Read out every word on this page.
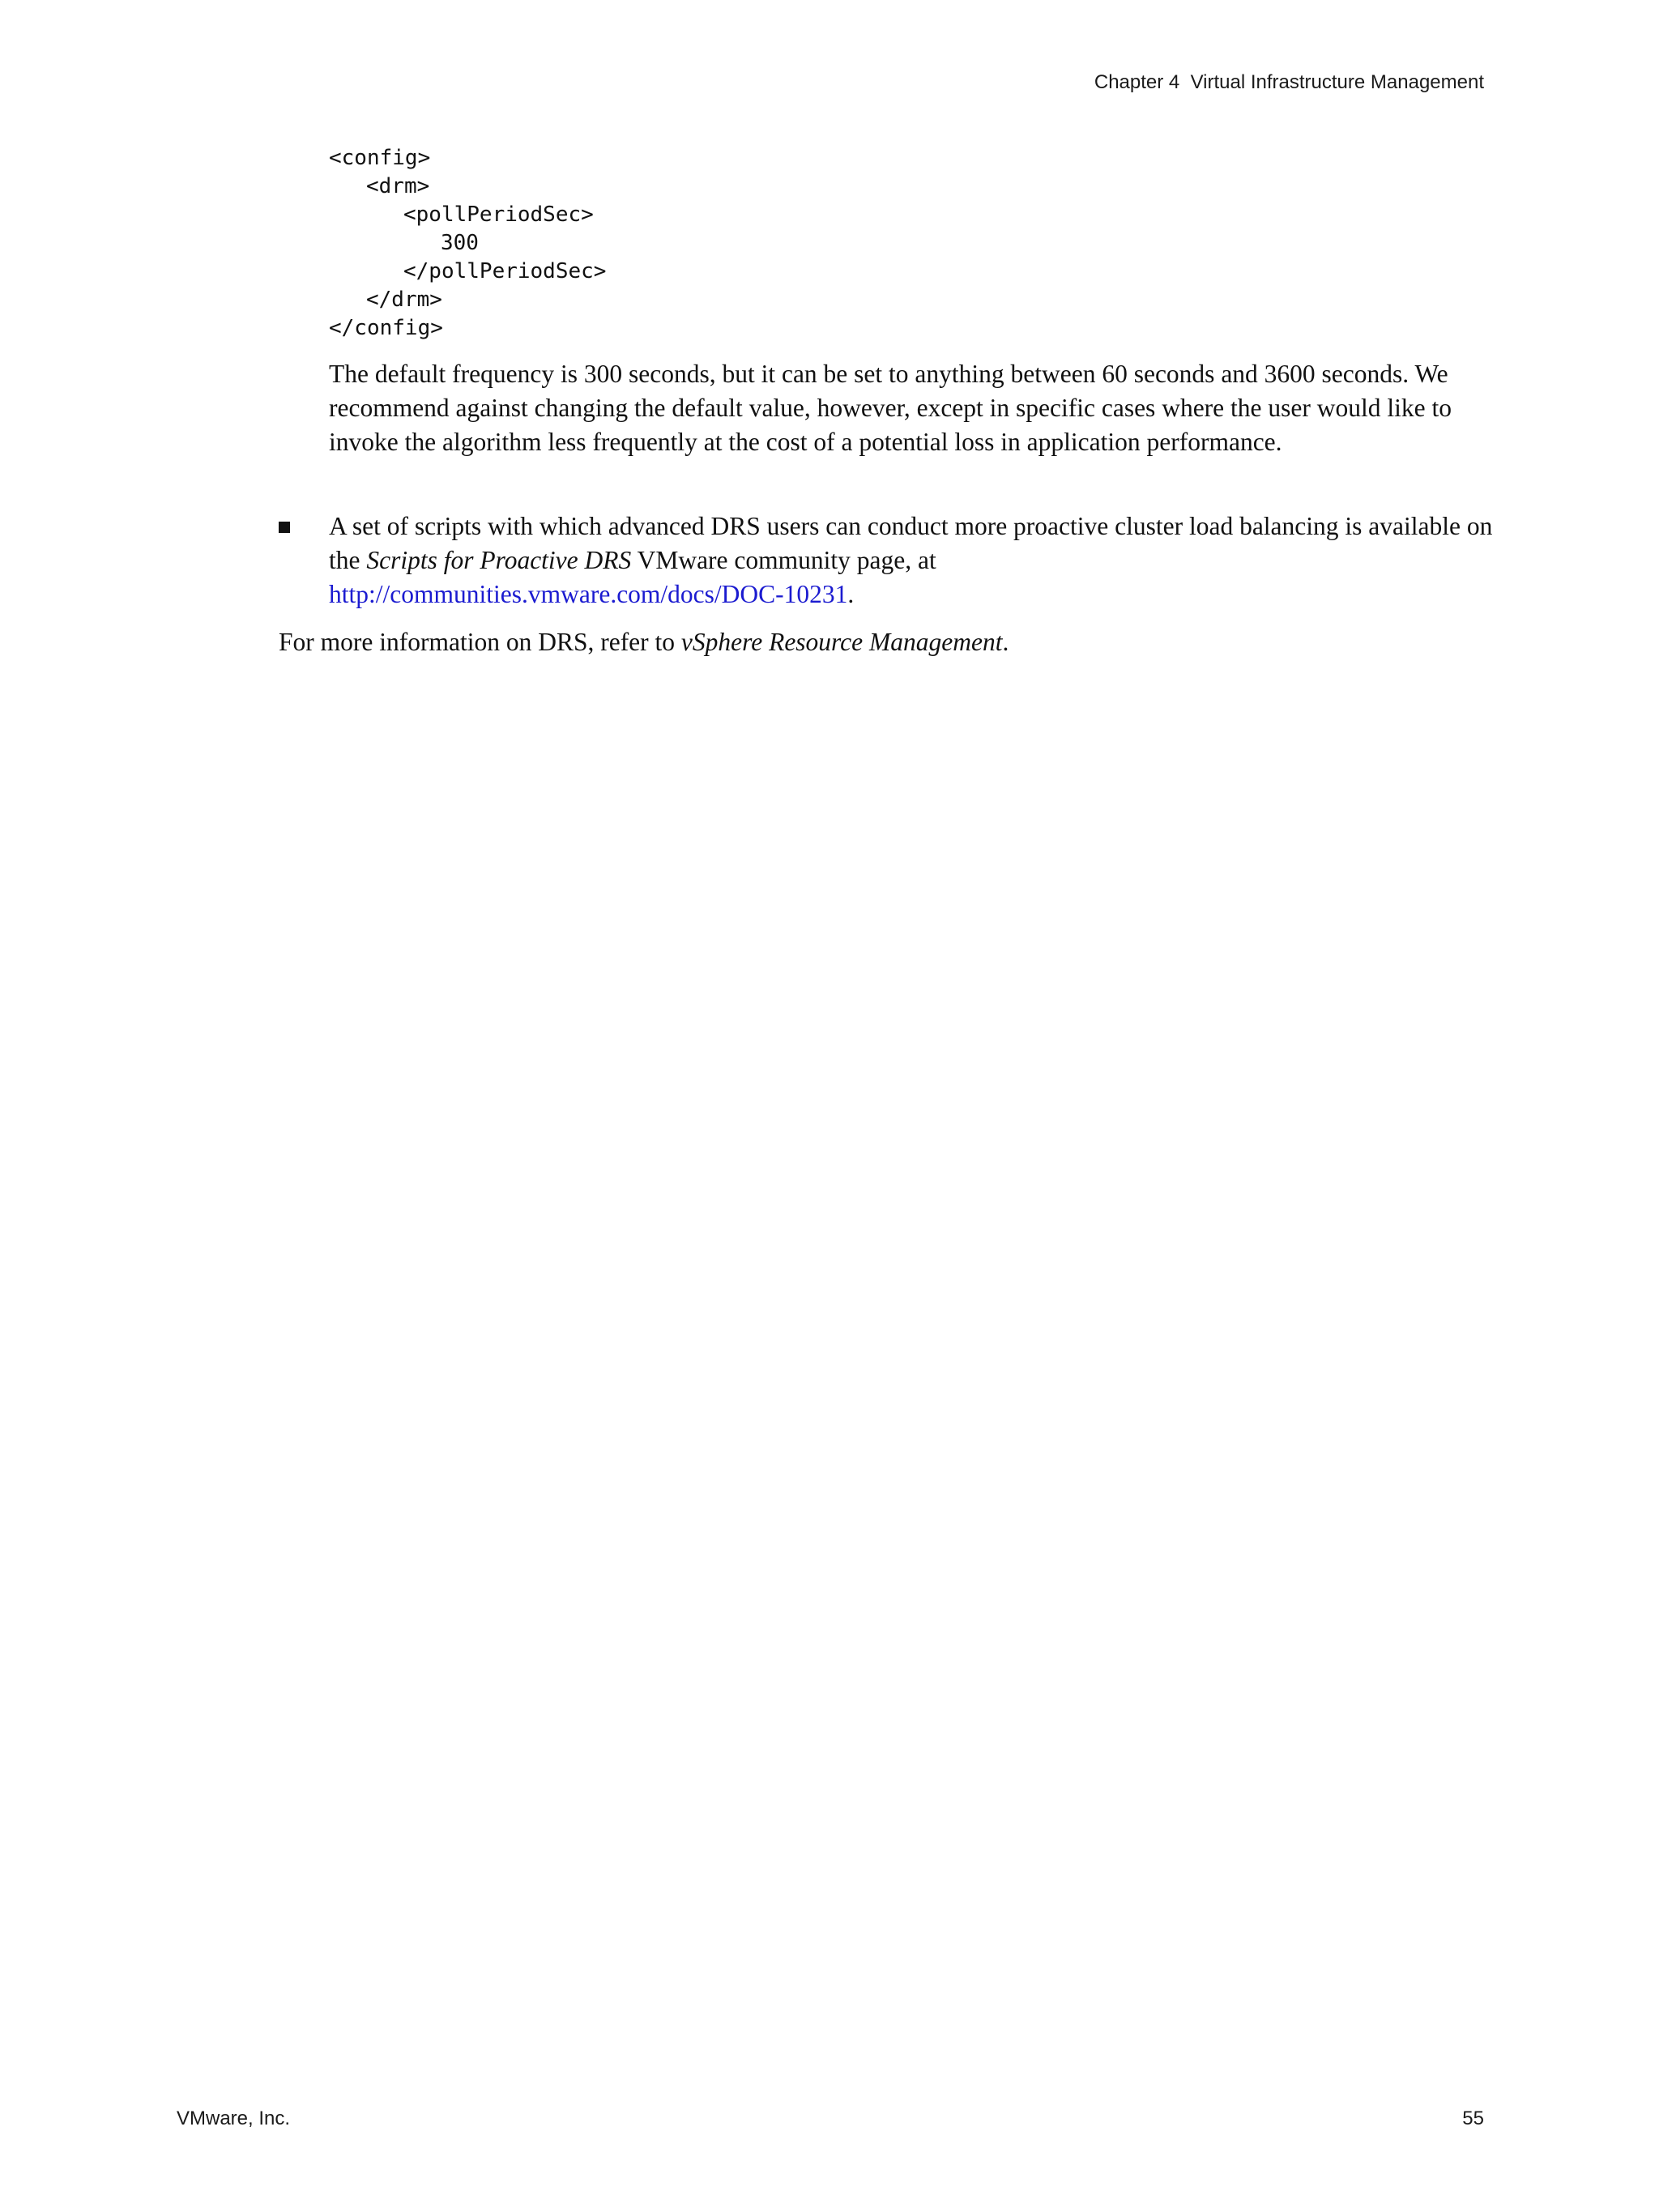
Chapter 4  Virtual Infrastructure Management
<config>
<drm>
<pollPeriodSec>
300
</pollPeriodSec>
</drm>
</config>

The default frequency is 300 seconds, but it can be set to anything between 60 seconds and 3600 seconds. We recommend against changing the default value, however, except in specific cases where the user would like to invoke the algorithm less frequently at the cost of a potential loss in application performance.

A set of scripts with which advanced DRS users can conduct more proactive cluster load balancing is available on the Scripts for Proactive DRS VMware community page, at
http://communities.vmware.com/docs/DOC-10231.

For more information on DRS, refer to vSphere Resource Management.

VMware, Inc.	55
